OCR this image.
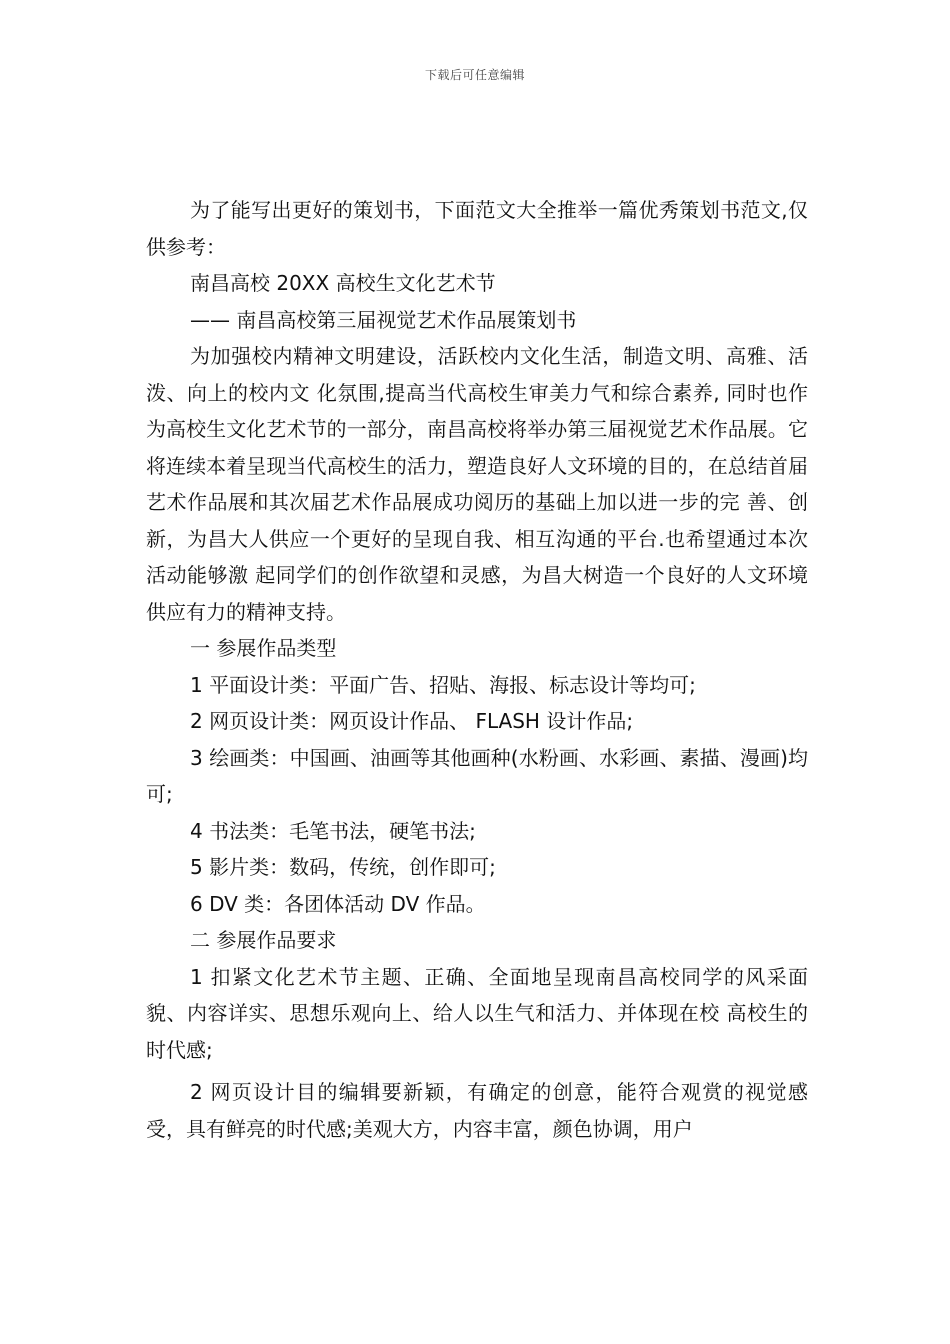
下载后可任意编辑

为了能写出更好的策划书，下面范文大全推举一篇优秀策划书范文,仅供参考：

南昌高校 20XX 高校生文化艺术节

—— 南昌高校第三届视觉艺术作品展策划书

为加强校内精神文明建设，活跃校内文化生活，制造文明、高雅、活泼、向上的校内文 化氛围,提高当代高校生审美力气和综合素养, 同时也作为高校生文化艺术节的一部分，南昌高校将举办第三届视觉艺术作品展。它将连续本着呈现当代高校生的活力，塑造良好人文环境的目的，在总结首届艺术作品展和其次届艺术作品展成功阅历的基础上加以进一步的完 善、创新，为昌大人供应一个更好的呈现自我、相互沟通的平台.也希望通过本次活动能够激 起同学们的创作欲望和灵感，为昌大树造一个良好的人文环境供应有力的精神支持。

一 参展作品类型

1 平面设计类：平面广告、招贴、海报、标志设计等均可;

2 网页设计类：网页设计作品、 FLASH 设计作品;

3 绘画类：中国画、油画等其他画种(水粉画、水彩画、素描、漫画)均可;

4 书法类：毛笔书法，硬笔书法;

5 影片类：数码，传统，创作即可;

6 DV 类：各团体活动 DV 作品。

二 参展作品要求

1 扣紧文化艺术节主题、正确、全面地呈现南昌高校同学的风采面貌、内容详实、思想乐观向上、给人以生气和活力、并体现在校 高校生的时代感;

2 网页设计目的编辑要新颖，有确定的创意，能符合观赏的视觉感受，具有鲜亮的时代感;美观大方，内容丰富，颜色协调，用户
